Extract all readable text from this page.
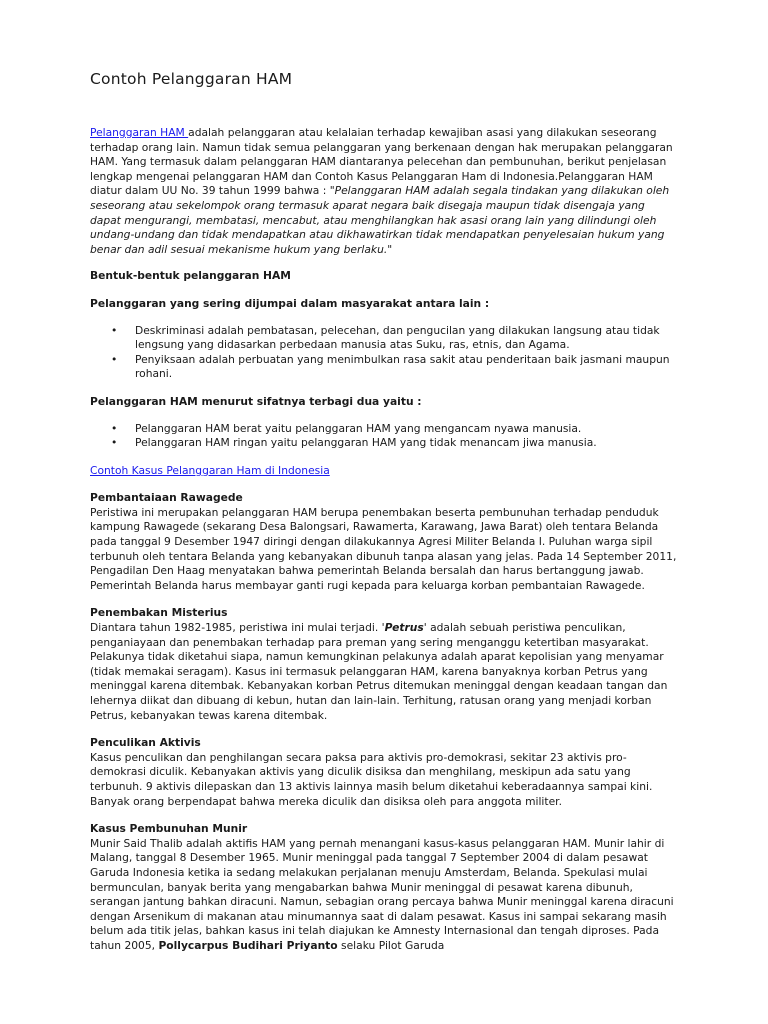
Contoh Pelanggaran HAM

Pelanggaran HAM adalah pelanggaran atau kelalaian terhadap kewajiban asasi yang dilakukan seseorang terhadap orang lain. Namun tidak semua pelanggaran yang berkenaan dengan hak merupakan pelanggaran HAM. Yang termasuk dalam pelanggaran HAM diantaranya pelecehan dan pembunuhan, berikut penjelasan lengkap mengenai pelanggaran HAM dan Contoh Kasus Pelanggaran Ham di Indonesia.Pelanggaran HAM diatur dalam UU No. 39 tahun 1999 bahwa : "Pelanggaran HAM adalah segala tindakan yang dilakukan oleh seseorang atau sekelompok orang termasuk aparat negara baik disegaja maupun tidak disengaja yang dapat mengurangi, membatasi, mencabut, atau menghilangkan hak asasi orang lain yang dilindungi oleh undang-undang dan tidak mendapatkan atau dikhawatirkan tidak mendapatkan penyelesaian hukum yang benar dan adil sesuai mekanisme hukum yang berlaku."

Bentuk-bentuk pelanggaran HAM

Pelanggaran yang sering dijumpai dalam masyarakat antara lain :

• Deskriminasi adalah pembatasan, pelecehan, dan pengucilan yang dilakukan langsung atau tidak lengsung yang didasarkan perbedaan manusia atas Suku, ras, etnis, dan Agama.
• Penyiksaan adalah perbuatan yang menimbulkan rasa sakit atau penderitaan baik jasmani maupun rohani.

Pelanggaran HAM menurut sifatnya terbagi dua yaitu :

• Pelanggaran HAM berat yaitu pelanggaran HAM yang mengancam nyawa manusia.
• Pelanggaran HAM ringan yaitu pelanggaran HAM yang tidak menancam jiwa manusia.

Contoh Kasus Pelanggaran Ham di Indonesia

Pembantaiaan Rawagede

Peristiwa ini merupakan pelanggaran HAM berupa penembakan beserta pembunuhan terhadap penduduk kampung Rawagede (sekarang Desa Balongsari, Rawamerta, Karawang, Jawa Barat) oleh tentara Belanda pada tanggal 9 Desember 1947 diringi dengan dilakukannya Agresi Militer Belanda I. Puluhan warga sipil terbunuh oleh tentara Belanda yang kebanyakan dibunuh tanpa alasan yang jelas. Pada 14 September 2011, Pengadilan Den Haag menyatakan bahwa pemerintah Belanda bersalah dan harus bertanggung jawab. Pemerintah Belanda harus membayar ganti rugi kepada para keluarga korban pembantaian Rawagede.

Penembakan Misterius

Diantara tahun 1982-1985, peristiwa ini mulai terjadi. 'Petrus' adalah sebuah peristiwa penculikan, penganiayaan dan penembakan terhadap para preman yang sering menganggu ketertiban masyarakat. Pelakunya tidak diketahui siapa, namun kemungkinan pelakunya adalah aparat kepolisian yang menyamar (tidak memakai seragam). Kasus ini termasuk pelanggaran HAM, karena banyaknya korban Petrus yang meninggal karena ditembak. Kebanyakan korban Petrus ditemukan meninggal dengan keadaan tangan dan lehernya diikat dan dibuang di kebun, hutan dan lain-lain. Terhitung, ratusan orang yang menjadi korban Petrus, kebanyakan tewas karena ditembak.

Penculikan Aktivis

Kasus penculikan dan penghilangan secara paksa para aktivis pro-demokrasi, sekitar 23 aktivis pro-demokrasi diculik. Kebanyakan aktivis yang diculik disiksa dan menghilang, meskipun ada satu yang terbunuh. 9 aktivis dilepaskan dan 13 aktivis lainnya masih belum diketahui keberadaannya sampai kini. Banyak orang berpendapat bahwa mereka diculik dan disiksa oleh para anggota militer.

Kasus Pembunuhan Munir

Munir Said Thalib adalah aktifis HAM yang pernah menangani kasus-kasus pelanggaran HAM. Munir lahir di Malang, tanggal 8 Desember 1965. Munir meninggal pada tanggal 7 September 2004 di dalam pesawat Garuda Indonesia ketika ia sedang melakukan perjalanan menuju Amsterdam, Belanda. Spekulasi mulai bermunculan, banyak berita yang mengabarkan bahwa Munir meninggal di pesawat karena dibunuh, serangan jantung bahkan diracuni. Namun, sebagian orang percaya bahwa Munir meninggal karena diracuni dengan Arsenikum di makanan atau minumannya saat di dalam pesawat. Kasus ini sampai sekarang masih belum ada titik jelas, bahkan kasus ini telah diajukan ke Amnesty Internasional dan tengah diproses. Pada tahun 2005, Pollycarpus Budihari Priyanto selaku Pilot Garuda
